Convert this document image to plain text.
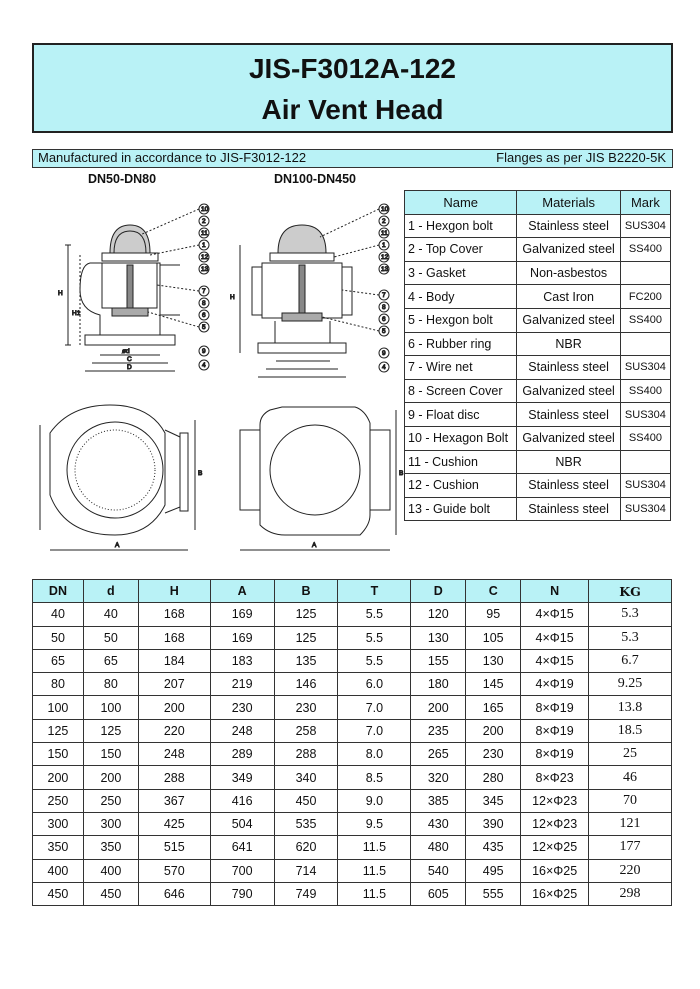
JIS-F3012A-122
Air Vent Head
Manufactured in accordance to JIS-F3012-122	Flanges as per JIS B2220-5K
DN50-DN80	DN100-DN450
H
H1
ød
C
D
10
2
11
1
12
13
7
8
6
5
9
4
H
10
2
11
1
12
13
7
8
6
5
9
4
B
A
B
A
Name	Materials	Mark
1 - Hexgon bolt	Stainless steel	SUS304
2 - Top Cover	Galvanized steel	SS400
3 - Gasket	Non-asbestos	
4 - Body	Cast Iron	FC200
5 - Hexgon bolt	Galvanized steel	SS400
6 - Rubber ring	NBR	
7 - Wire net	Stainless steel	SUS304
8 - Screen Cover	Galvanized steel	SS400
9 - Float disc	Stainless steel	SUS304
10 - Hexagon Bolt	Galvanized steel	SS400
11 - Cushion	NBR	
12 - Cushion	Stainless steel	SUS304
13 - Guide bolt	Stainless steel	SUS304
DN	d	H	A	B	T	D	C	N	KG
40	40	168	169	125	5.5	120	95	4×Φ15	5.3
50	50	168	169	125	5.5	130	105	4×Φ15	5.3
65	65	184	183	135	5.5	155	130	4×Φ15	6.7
80	80	207	219	146	6.0	180	145	4×Φ19	9.25
100	100	200	230	230	7.0	200	165	8×Φ19	13.8
125	125	220	248	258	7.0	235	200	8×Φ19	18.5
150	150	248	289	288	8.0	265	230	8×Φ19	25
200	200	288	349	340	8.5	320	280	8×Φ23	46
250	250	367	416	450	9.0	385	345	12×Φ23	70
300	300	425	504	535	9.5	430	390	12×Φ23	121
350	350	515	641	620	11.5	480	435	12×Φ25	177
400	400	570	700	714	11.5	540	495	16×Φ25	220
450	450	646	790	749	11.5	605	555	16×Φ25	298
